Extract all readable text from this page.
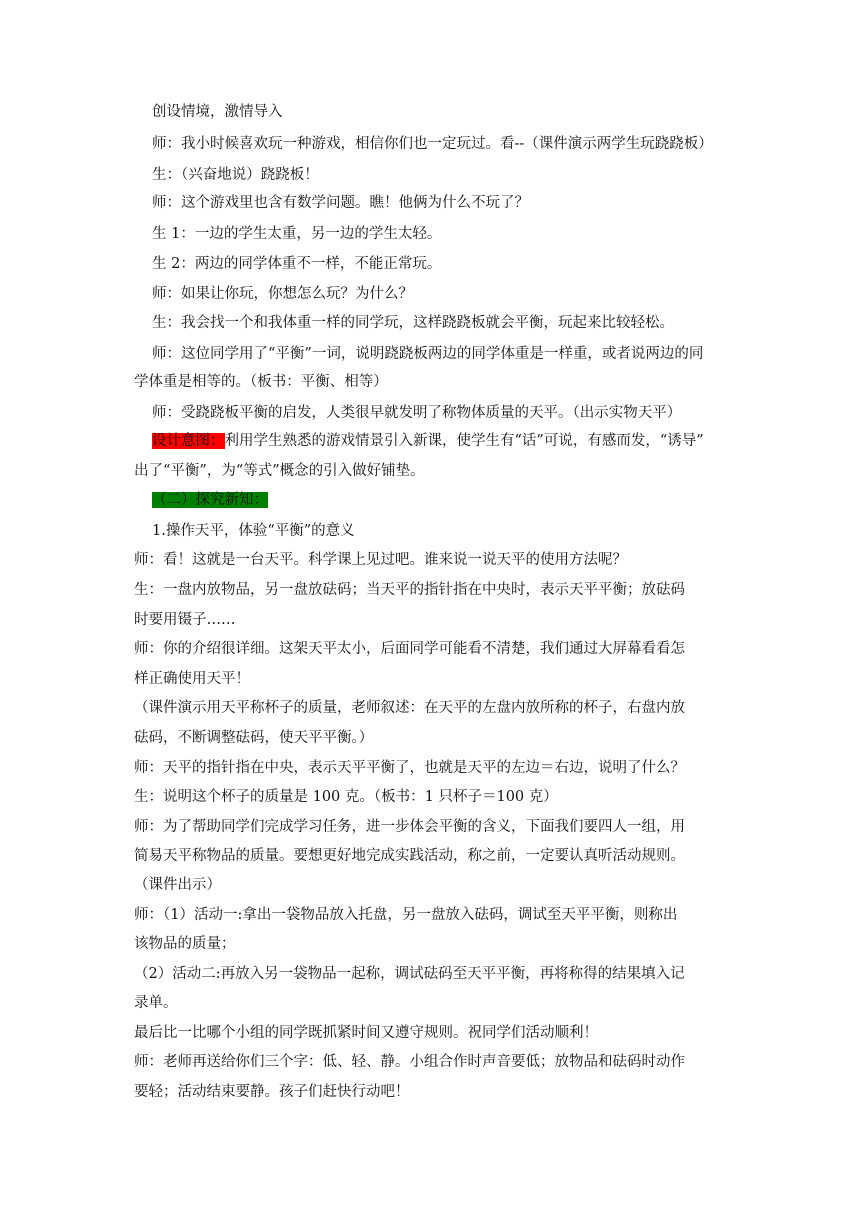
创设情境，激情导入
师：我小时候喜欢玩一种游戏，相信你们也一定玩过。看--（课件演示两学生玩跷跷板）
生：（兴奋地说）跷跷板！
师：这个游戏里也含有数学问题。瞧！他俩为什么不玩了？
生 1：一边的学生太重，另一边的学生太轻。
生 2：两边的同学体重不一样，不能正常玩。
师：如果让你玩，你想怎么玩？为什么？
生：我会找一个和我体重一样的同学玩，这样跷跷板就会平衡，玩起来比较轻松。
师：这位同学用了“平衡”一词，说明跷跷板两边的同学体重是一样重，或者说两边的同
学体重是相等的。（板书：平衡、相等）
师：受跷跷板平衡的启发，人类很早就发明了称物体质量的天平。（出示实物天平）
设计意图：利用学生熟悉的游戏情景引入新课，使学生有“话”可说，有感而发，“诱导”
出了“平衡”，为“等式”概念的引入做好铺垫。
（二）探究新知：
1.操作天平，体验“平衡”的意义
师：看！这就是一台天平。科学课上见过吧。谁来说一说天平的使用方法呢？
生：一盘内放物品，另一盘放砝码；当天平的指针指在中央时，表示天平平衡；放砝码
时要用镊子……
师：你的介绍很详细。这架天平太小，后面同学可能看不清楚，我们通过大屏幕看看怎
样正确使用天平！
（课件演示用天平称杯子的质量，老师叙述：在天平的左盘内放所称的杯子，右盘内放
砝码，不断调整砝码，使天平平衡。）
师：天平的指针指在中央，表示天平平衡了，也就是天平的左边＝右边，说明了什么？
生：说明这个杯子的质量是 100 克。（板书：1 只杯子＝100 克）
师：为了帮助同学们完成学习任务，进一步体会平衡的含义，下面我们要四人一组，用
简易天平称物品的质量。要想更好地完成实践活动，称之前，一定要认真听活动规则。
（课件出示）
师：（1）活动一:拿出一袋物品放入托盘，另一盘放入砝码，调试至天平平衡，则称出
该物品的质量；
（2）活动二:再放入另一袋物品一起称，调试砝码至天平平衡，再将称得的结果填入记
录单。
最后比一比哪个小组的同学既抓紧时间又遵守规则。祝同学们活动顺利！
师：老师再送给你们三个字：低、轻、静。小组合作时声音要低；放物品和砝码时动作
要轻；活动结束要静。孩子们赶快行动吧！
